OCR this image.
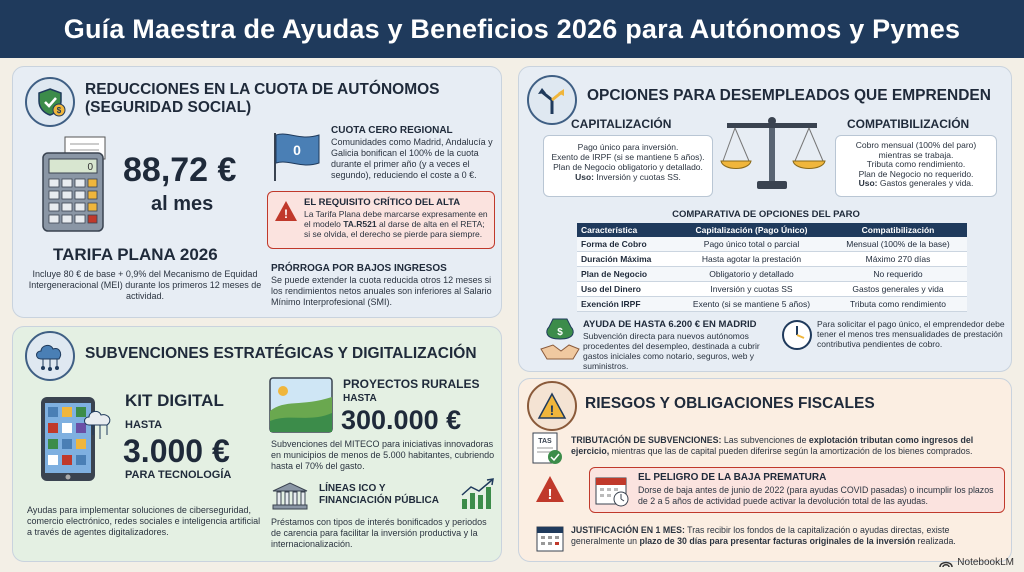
Guía Maestra de Ayudas y Beneficios 2026 para Autónomos y Pymes
$
REDUCCIONES EN LA CUOTA DE AUTÓNOMOS (SEGURIDAD SOCIAL)
0 88,72 €
al mes
TARIFA PLANA 2026
Incluye 80 € de base + 0,9% del Mecanismo de Equidad Intergeneracional (MEI) durante los primeros 12 meses de actividad.
0
CUOTA CERO REGIONAL
Comunidades como Madrid, Andalucía y Galicia bonifican el 100% de la cuota durante el primer año (y a veces el segundo), reduciendo el coste a 0 €.
!
EL REQUISITO CRÍTICO DEL ALTA
La Tarifa Plana debe marcarse expresamente en el modelo TA.R521 al darse de alta en el RETA; si se olvida, el derecho se pierde para siempre.
PRÓRROGA POR BAJOS INGRESOS
Se puede extender la cuota reducida otros 12 meses si los rendimientos netos anuales son inferiores al Salario Mínimo Interprofesional (SMI).
SUBVENCIONES ESTRATÉGICAS Y DIGITALIZACIÓN
KIT DIGITAL
HASTA
3.000 €
PARA TECNOLOGÍA
Ayudas para implementar soluciones de ciberseguridad, comercio electrónico, redes sociales e inteligencia artificial a través de agentes digitalizadores.
PROYECTOS RURALES
HASTA
300.000 €
Subvenciones del MITECO para iniciativas innovadoras en municipios de menos de 5.000 habitantes, cubriendo hasta el 70% del gasto.
LÍNEAS ICO Y FINANCIACIÓN PÚBLICA
Préstamos con tipos de interés bonificados y periodos de carencia para facilitar la inversión productiva y la internacionalización.
OPCIONES PARA DESEMPLEADOS QUE EMPRENDEN
CAPITALIZACIÓN
Pago único para inversión.
Exento de IRPF (si se mantiene 5 años).
Plan de Negocio obligatorio y detallado.
Uso: Inversión y cuotas SS.
COMPATIBILIZACIÓN
Cobro mensual (100% del paro)
mientras se trabaja.
Tributa como rendimiento.
Plan de Negocio no requerido.
Uso: Gastos generales y vida.
COMPARATIVA DE OPCIONES DEL PARO
Característica	Capitalización (Pago Único)	Compatibilización
Forma de Cobro	Pago único total o parcial	Mensual (100% de la base)
Duración Máxima	Hasta agotar la prestación	Máximo 270 días
Plan de Negocio	Obligatorio y detallado	No requerido
Uso del Dinero	Inversión y cuotas SS	Gastos generales y vida
Exención IRPF	Exento (si se mantiene 5 años)	Tributa como rendimiento
$
AYUDA DE HASTA 6.200 € EN MADRID
Subvención directa para nuevos autónomos procedentes del desempleo, destinada a cubrir gastos iniciales como notario, seguros, web y suministros.
Para solicitar el pago único, el emprendedor debe tener el menos tres mensualidades de prestación contributiva pendientes de cobro.
! RIESGOS Y OBLIGACIONES FISCALES
TAS TRIBUTACIÓN DE SUBVENCIONES: Las subvenciones de explotación tributan como ingresos del ejercicio, mientras que las de capital pueden diferirse según la amortización de los bienes comprados.
!
EL PELIGRO DE LA BAJA PREMATURA
Dorse de baja antes de junio de 2022 (para ayudas COVID pasadas) o incumplir los plazos de 2 a 5 años de actividad puede activar la devolución total de las ayudas.
JUSTIFICACIÓN EN 1 MES: Tras recibir los fondos de la capitalización o ayudas directas, existe generalmente un plazo de 30 días para presentar facturas originales de la inversión realizada.
NotebookLM
